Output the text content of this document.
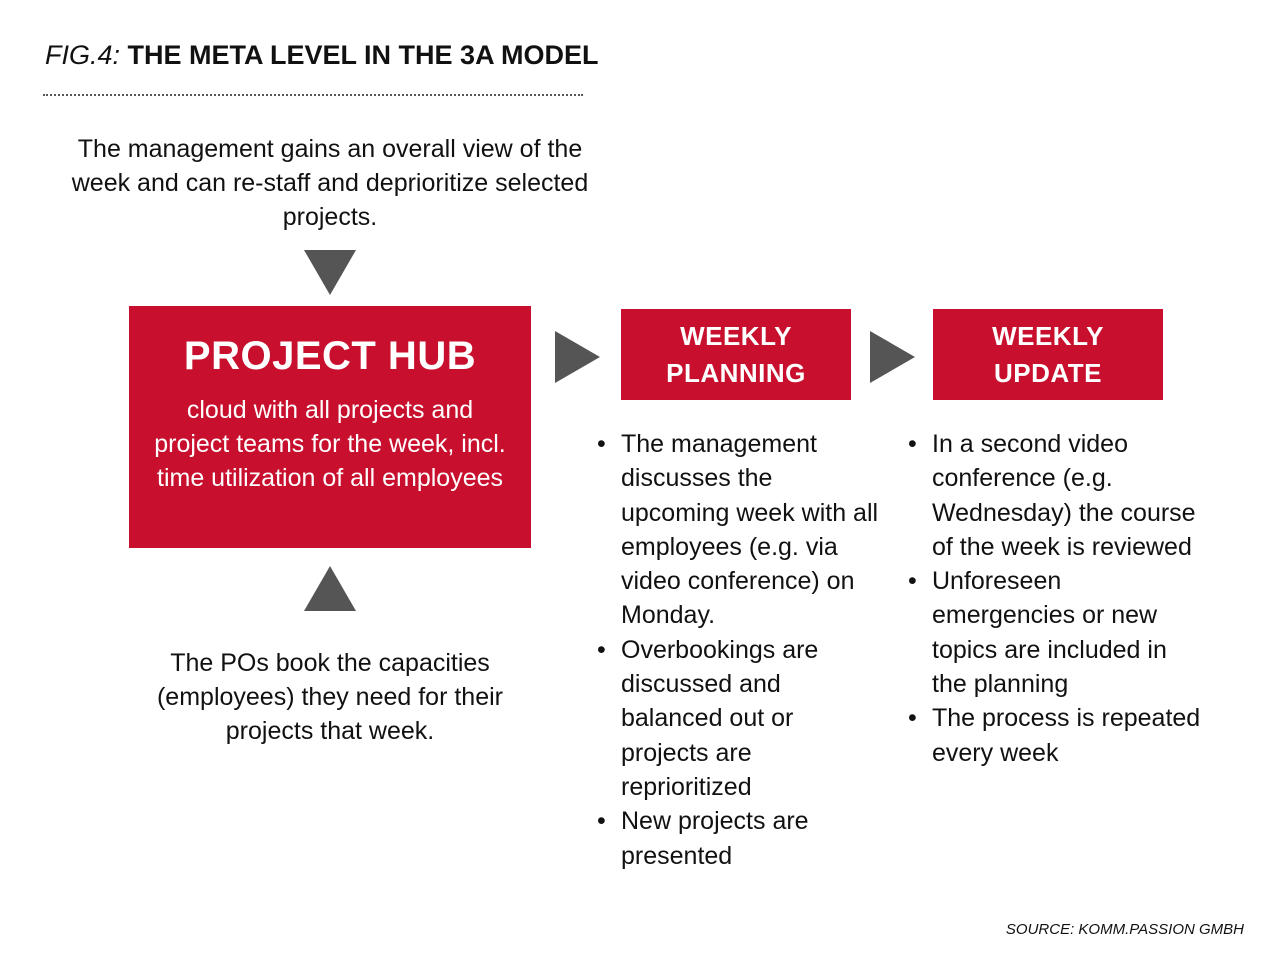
FIG.4: THE META LEVEL IN THE 3A MODEL
The management gains an overall view of the week and can re-staff and deprioritize selected projects.
PROJECT HUB
cloud with all projects and project teams for the week, incl. time utilization of all employees
The POs book the capacities (employees) they need for their projects that week.
WEEKLY
PLANNING
WEEKLY
UPDATE
• The management discusses the upcoming week with all employees (e.g. via video conference) on Monday.
• Overbookings are discussed and balanced out or projects are reprioritized
• New projects are presented
• In a second video conference (e.g. Wednesday) the course of the week is reviewed
• Unforeseen emergencies or new topics are included in the planning
• The process is repeated every week
SOURCE: KOMM.PASSION GMBH
